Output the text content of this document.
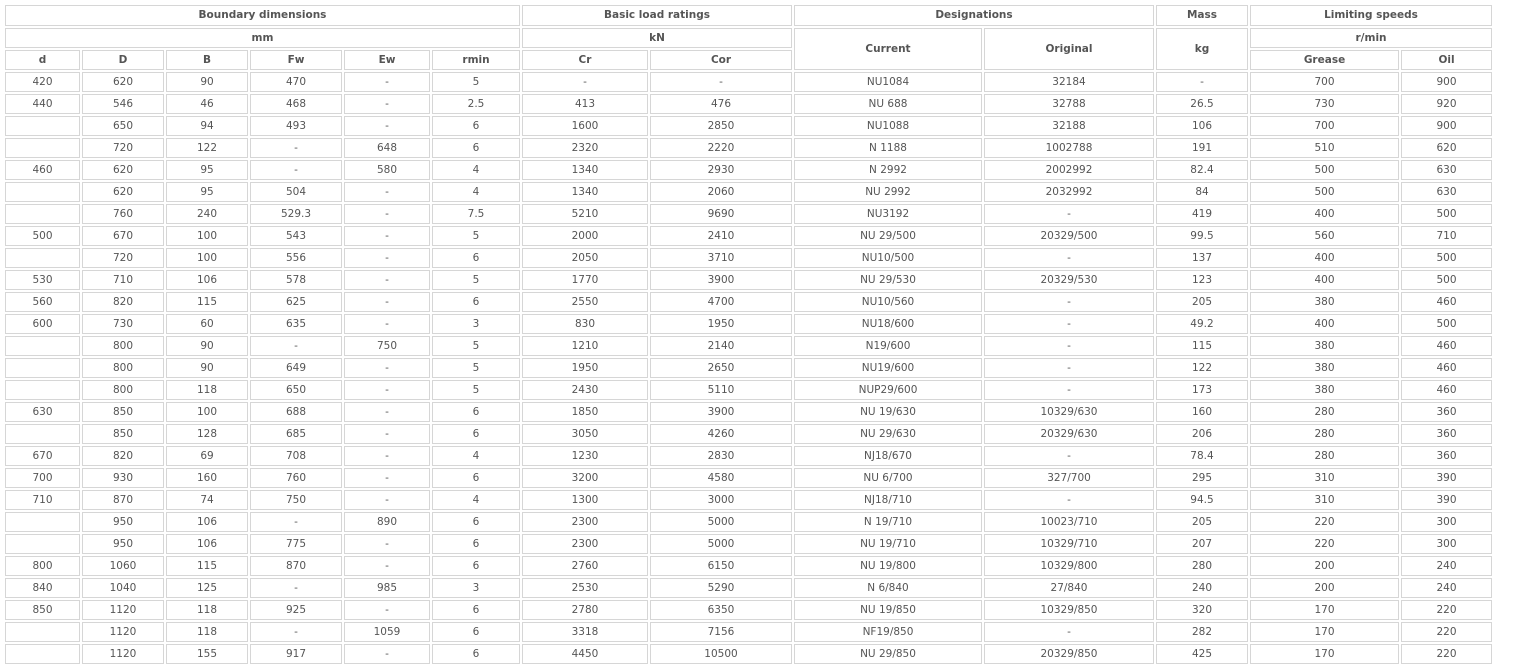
Boundary dimensions						Basic load ratings		Designations		Mass	Limiting speeds	
mm						kN		Current	Original	kg	r/min	
d	D	B	Fw	Ew	rmin	Cr	Cor				Grease	Oil
420	620	90	470	-	5	-	-	NU1084	32184	-	700	900
440	546	46	468	-	2.5	413	476	NU 688	32788	26.5	730	920
	650	94	493	-	6	1600	2850	NU1088	32188	106	700	900
	720	122	-	648	6	2320	2220	N 1188	1002788	191	510	620
460	620	95	-	580	4	1340	2930	N 2992	2002992	82.4	500	630
	620	95	504	-	4	1340	2060	NU 2992	2032992	84	500	630
	760	240	529.3	-	7.5	5210	9690	NU3192	-	419	400	500
500	670	100	543	-	5	2000	2410	NU 29/500	20329/500	99.5	560	710
	720	100	556	-	6	2050	3710	NU10/500	-	137	400	500
530	710	106	578	-	5	1770	3900	NU 29/530	20329/530	123	400	500
560	820	115	625	-	6	2550	4700	NU10/560	-	205	380	460
600	730	60	635	-	3	830	1950	NU18/600	-	49.2	400	500
	800	90	-	750	5	1210	2140	N19/600	-	115	380	460
	800	90	649	-	5	1950	2650	NU19/600	-	122	380	460
	800	118	650	-	5	2430	5110	NUP29/600	-	173	380	460
630	850	100	688	-	6	1850	3900	NU 19/630	10329/630	160	280	360
	850	128	685	-	6	3050	4260	NU 29/630	20329/630	206	280	360
670	820	69	708	-	4	1230	2830	NJ18/670	-	78.4	280	360
700	930	160	760	-	6	3200	4580	NU 6/700	327/700	295	310	390
710	870	74	750	-	4	1300	3000	NJ18/710	-	94.5	310	390
	950	106	-	890	6	2300	5000	N 19/710	10023/710	205	220	300
	950	106	775	-	6	2300	5000	NU 19/710	10329/710	207	220	300
800	1060	115	870	-	6	2760	6150	NU 19/800	10329/800	280	200	240
840	1040	125	-	985	3	2530	5290	N 6/840	27/840	240	200	240
850	1120	118	925	-	6	2780	6350	NU 19/850	10329/850	320	170	220
	1120	118	-	1059	6	3318	7156	NF19/850	-	282	170	220
	1120	155	917	-	6	4450	10500	NU 29/850	20329/850	425	170	220
